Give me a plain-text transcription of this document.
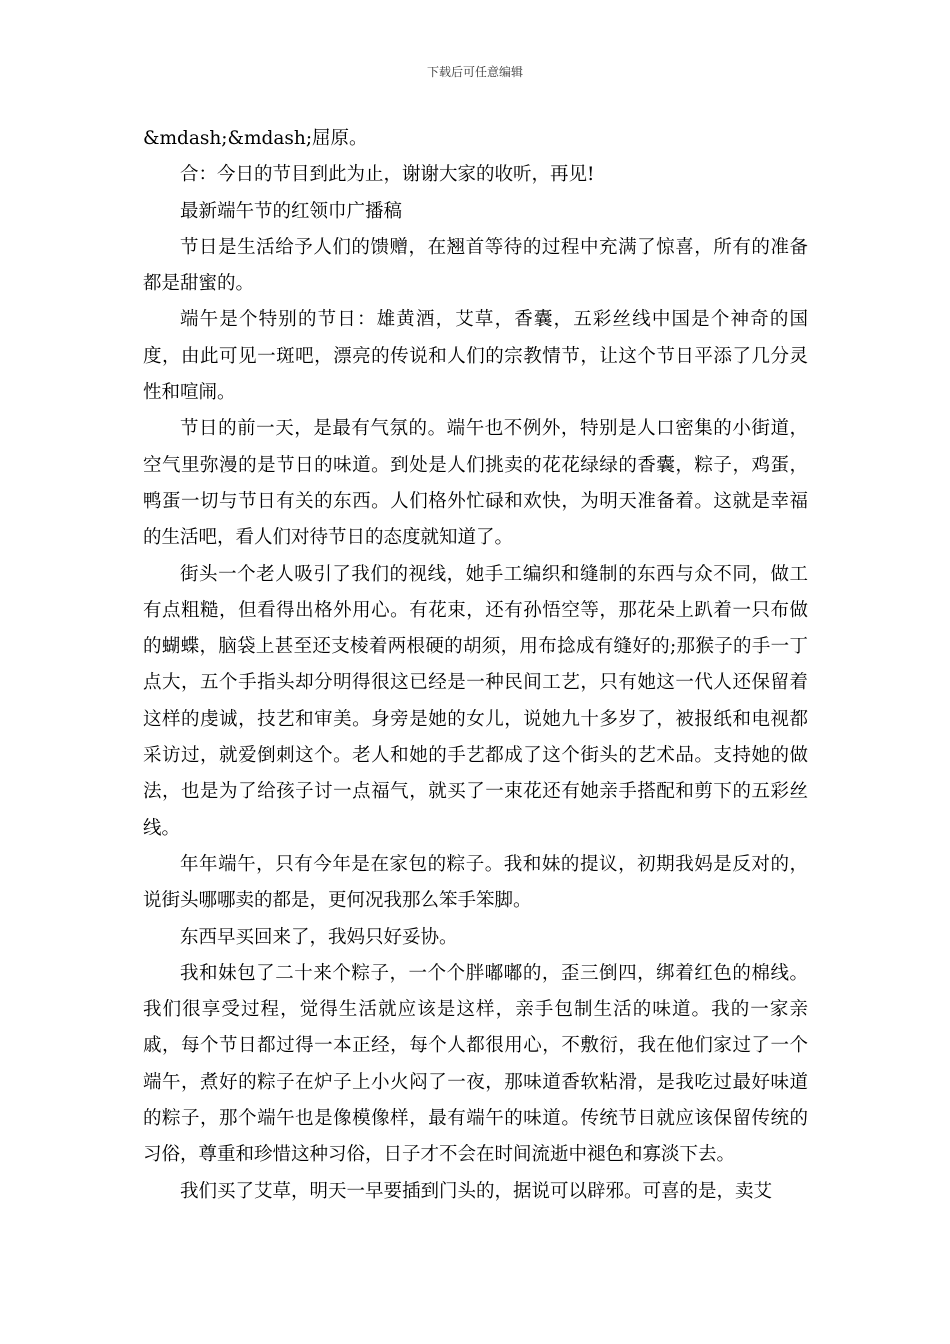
下载后可任意编辑

&mdash;&mdash;屈原。

合：今日的节目到此为止，谢谢大家的收听，再见!

最新端午节的红领巾广播稿

节日是生活给予人们的馈赠，在翘首等待的过程中充满了惊喜，所有的准备都是甜蜜的。

端午是个特别的节日：雄黄酒，艾草，香囊，五彩丝线中国是个神奇的国度，由此可见一斑吧，漂亮的传说和人们的宗教情节，让这个节日平添了几分灵性和喧闹。

节日的前一天，是最有气氛的。端午也不例外，特别是人口密集的小街道，空气里弥漫的是节日的味道。到处是人们挑卖的花花绿绿的香囊，粽子，鸡蛋，鸭蛋一切与节日有关的东西。人们格外忙碌和欢快，为明天准备着。这就是幸福的生活吧，看人们对待节日的态度就知道了。

街头一个老人吸引了我们的视线，她手工编织和缝制的东西与众不同，做工有点粗糙，但看得出格外用心。有花束，还有孙悟空等，那花朵上趴着一只布做的蝴蝶，脑袋上甚至还支棱着两根硬的胡须，用布捻成有缝好的;那猴子的手一丁点大，五个手指头却分明得很这已经是一种民间工艺，只有她这一代人还保留着这样的虔诚，技艺和审美。身旁是她的女儿，说她九十多岁了，被报纸和电视都采访过，就爱倒刺这个。老人和她的手艺都成了这个街头的艺术品。支持她的做法，也是为了给孩子讨一点福气，就买了一束花还有她亲手搭配和剪下的五彩丝线。

年年端午，只有今年是在家包的粽子。我和妹的提议，初期我妈是反对的，说街头哪哪卖的都是，更何况我那么笨手笨脚。

东西早买回来了，我妈只好妥协。

我和妹包了二十来个粽子，一个个胖嘟嘟的，歪三倒四，绑着红色的棉线。我们很享受过程，觉得生活就应该是这样，亲手包制生活的味道。我的一家亲戚，每个节日都过得一本正经，每个人都很用心，不敷衍，我在他们家过了一个端午，煮好的粽子在炉子上小火闷了一夜，那味道香软粘滑，是我吃过最好味道的粽子，那个端午也是像模像样，最有端午的味道。传统节日就应该保留传统的习俗，尊重和珍惜这种习俗，日子才不会在时间流逝中褪色和寡淡下去。

我们买了艾草，明天一早要插到门头的，据说可以辟邪。可喜的是，卖艾
